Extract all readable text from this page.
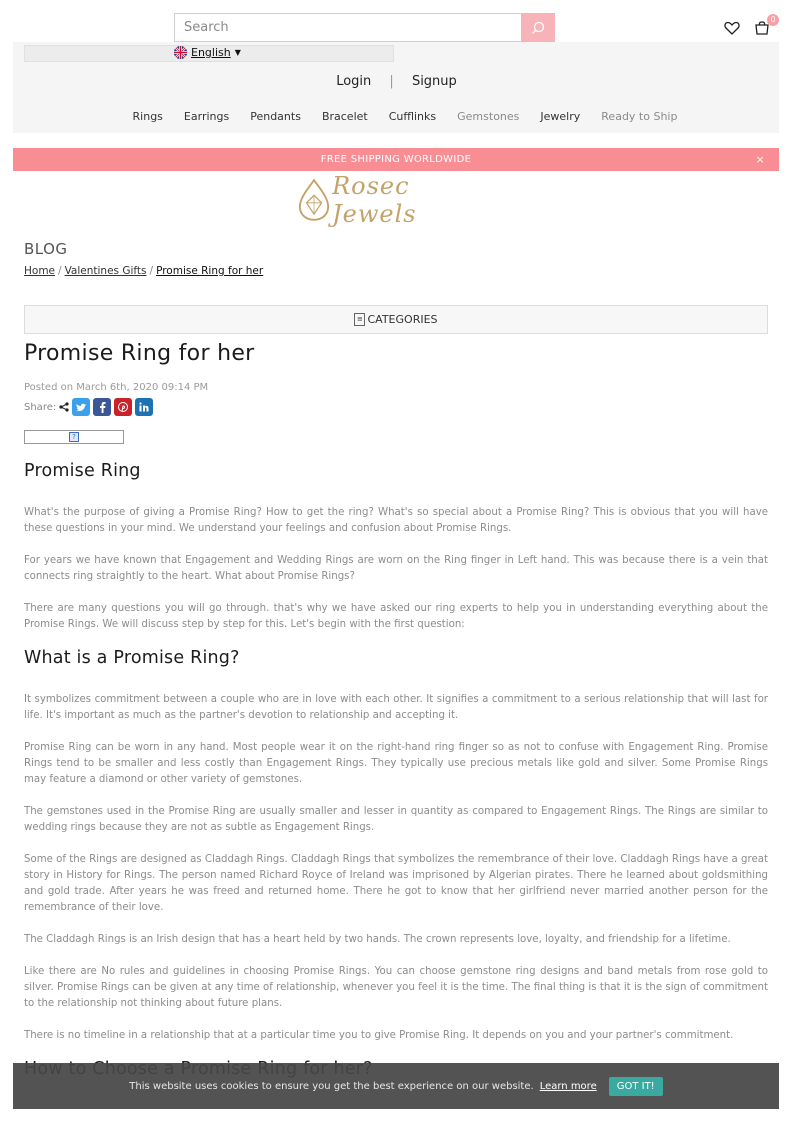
Search
0
English ▼
Login | Signup
Rings Earrings Pendants Bracelet Cufflinks Gemstones Jewelry Ready to Ship
FREE SHIPPING WORLDWIDE	×
Rosec Jewels
BLOG
Home / Valentines Gifts / Promise Ring for her
≡ CATEGORIES
Promise Ring for her
Posted on March 6th, 2020 09:14 PM
Share:
?
Promise Ring

What's the purpose of giving a Promise Ring? How to get the ring? What's so special about a Promise Ring? This is obvious that you will have these questions in your mind. We understand your feelings and confusion about Promise Rings.

For years we have known that Engagement and Wedding Rings are worn on the Ring finger in Left hand. This was because there is a vein that connects ring straightly to the heart. What about Promise Rings?

There are many questions you will go through. that's why we have asked our ring experts to help you in understanding everything about the Promise Rings. We will discuss step by step for this. Let's begin with the first question:

What is a Promise Ring?

It symbolizes commitment between a couple who are in love with each other. It signifies a commitment to a serious relationship that will last for life. It's important as much as the partner's devotion to relationship and accepting it.

Promise Ring can be worn in any hand. Most people wear it on the right-hand ring finger so as not to confuse with Engagement Ring. Promise Rings tend to be smaller and less costly than Engagement Rings. They typically use precious metals like gold and silver. Some Promise Rings may feature a diamond or other variety of gemstones.

The gemstones used in the Promise Ring are usually smaller and lesser in quantity as compared to Engagement Rings. The Rings are similar to wedding rings because they are not as subtle as Engagement Rings.

Some of the Rings are designed as Claddagh Rings. Claddagh Rings that symbolizes the remembrance of their love. Claddagh Rings have a great story in History for Rings. The person named Richard Royce of Ireland was imprisoned by Algerian pirates. There he learned about goldsmithing and gold trade. After years he was freed and returned home. There he got to know that her girlfriend never married another person for the remembrance of their love.

The Claddagh Rings is an Irish design that has a heart held by two hands. The crown represents love, loyalty, and friendship for a lifetime.

Like there are No rules and guidelines in choosing Promise Rings. You can choose gemstone ring designs and band metals from rose gold to silver. Promise Rings can be given at any time of relationship, whenever you feel it is the time. The final thing is that it is the sign of commitment to the relationship not thinking about future plans.

There is no timeline in a relationship that at a particular time you to give Promise Ring. It depends on you and your partner's commitment.

This website uses cookies to ensure you get the best experience on our website. Learn more	GOT IT!
